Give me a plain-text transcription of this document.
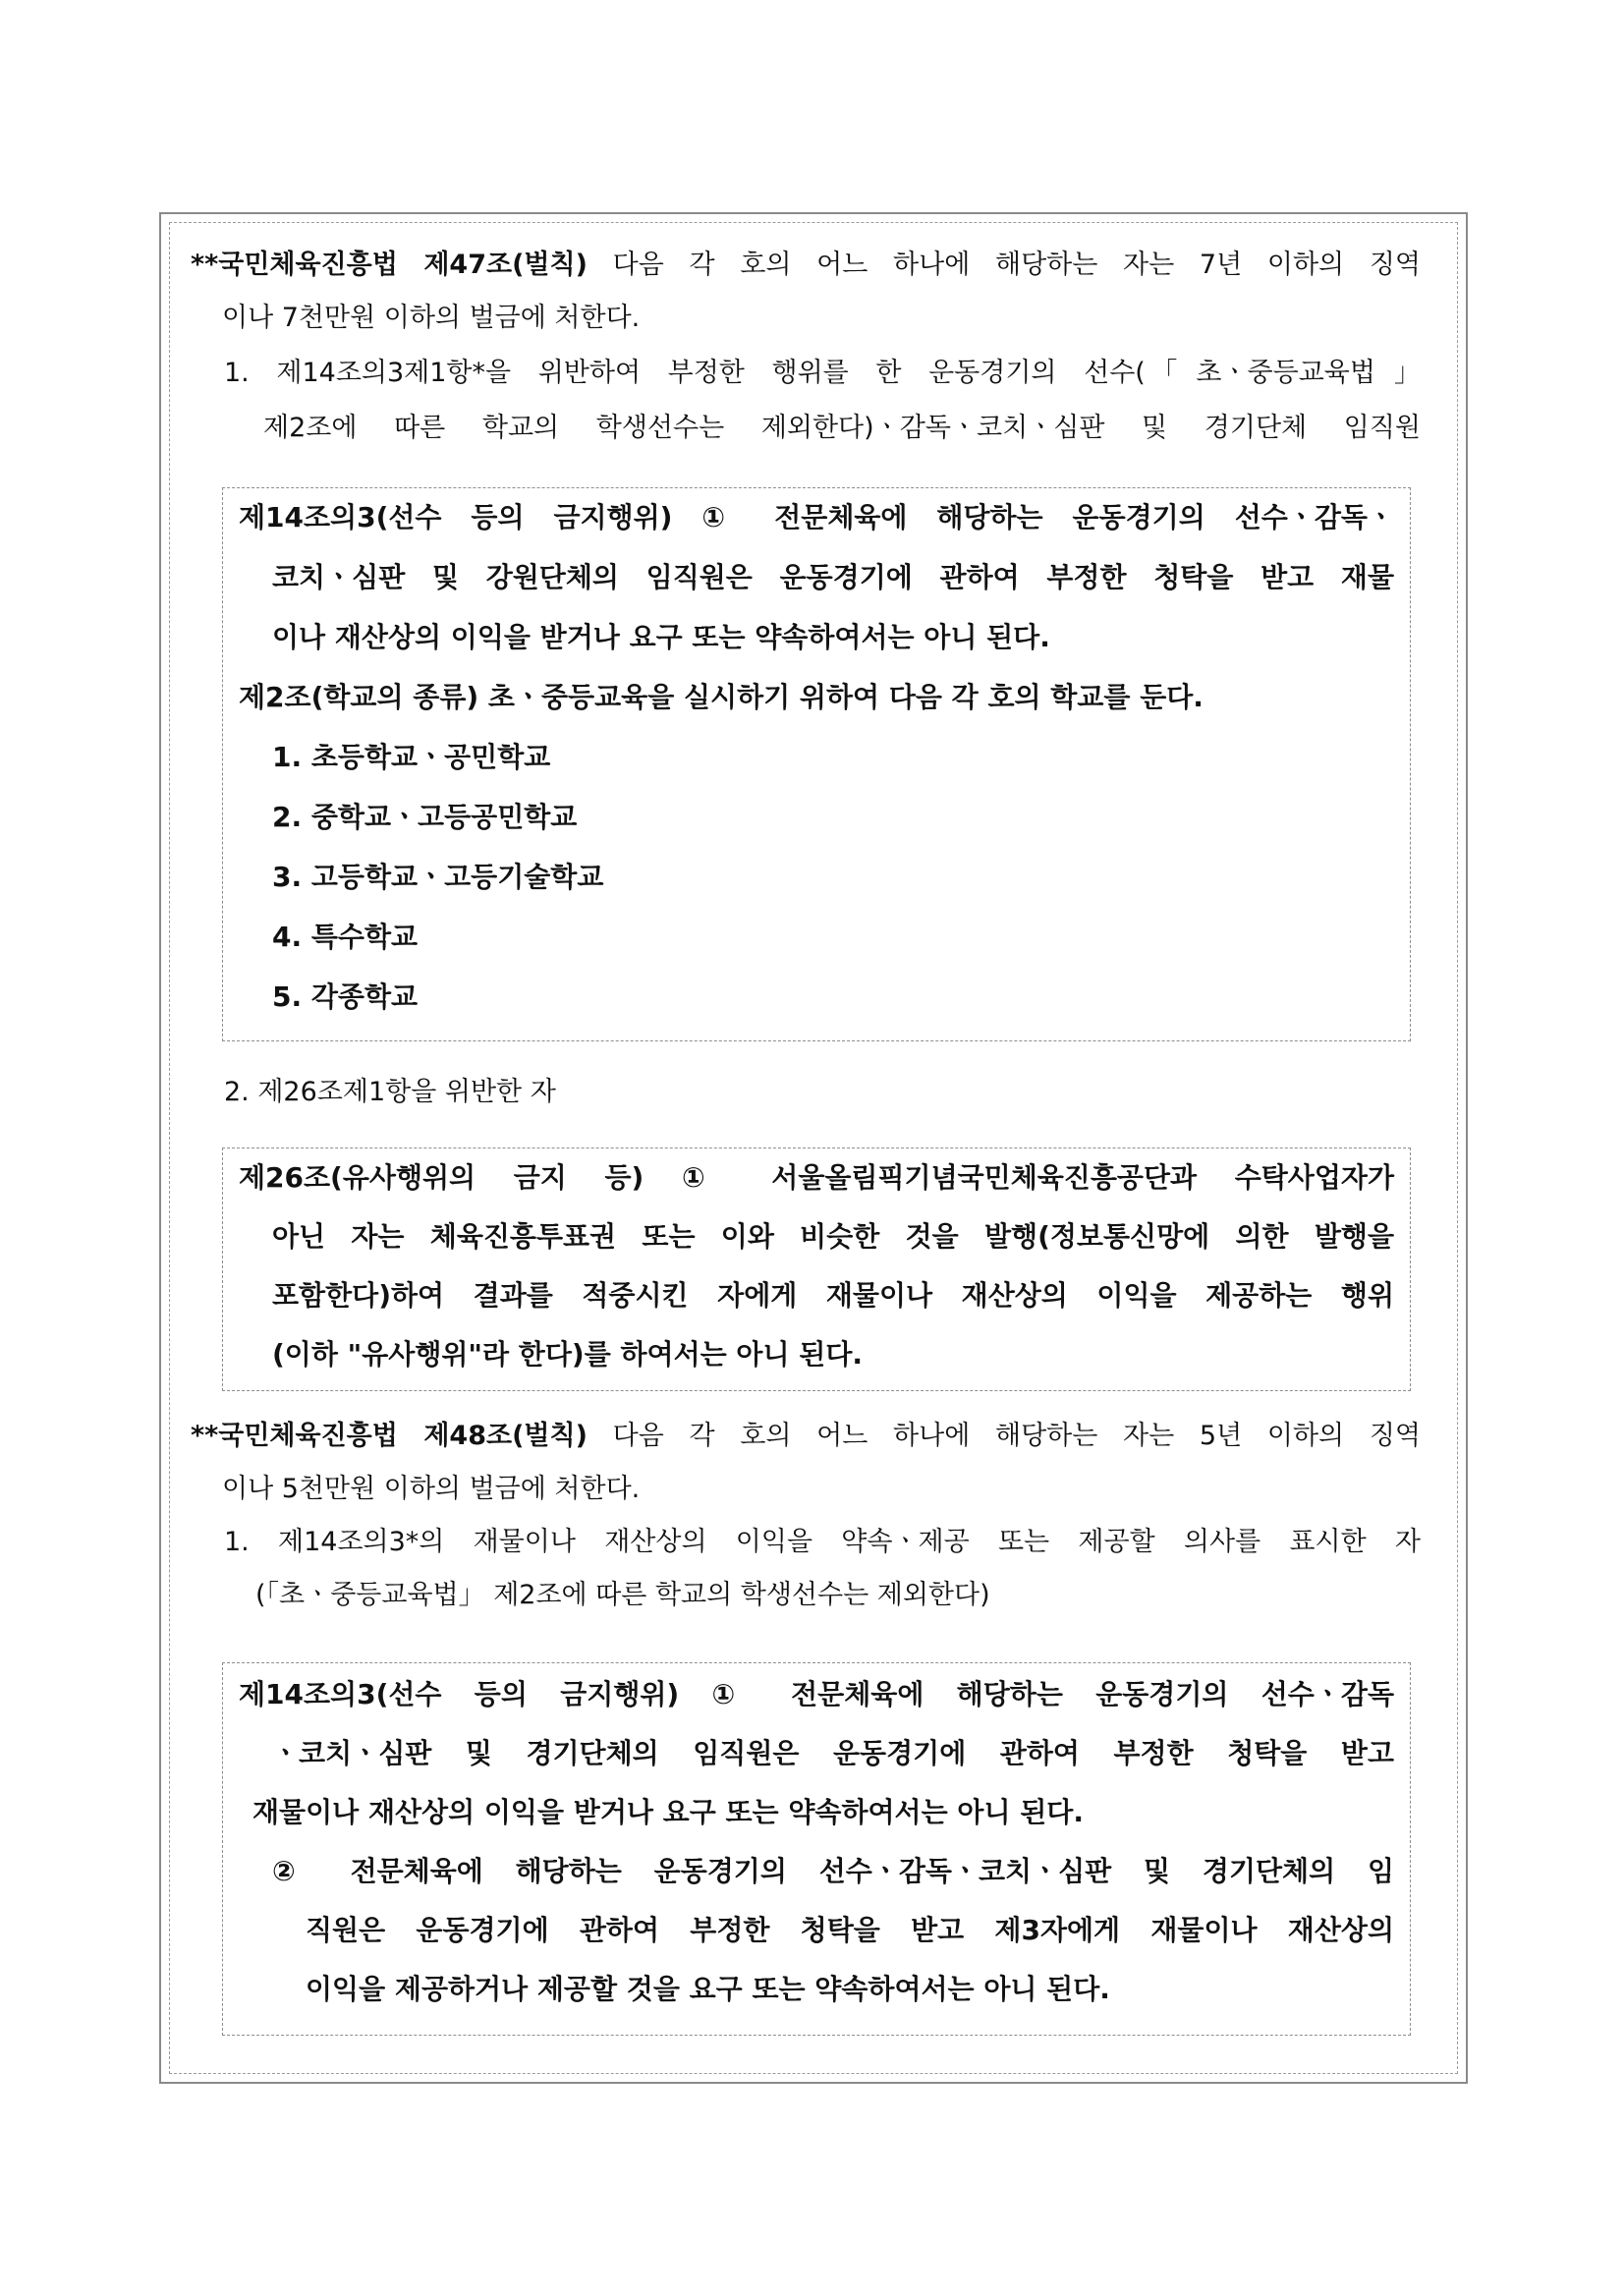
**국민체육진흥법 제47조(벌칙) 다음 각 호의 어느 하나에 해당하는 자는 7년 이하의 징역
이나 7천만원 이하의 벌금에 처한다.
1. 제14조의3제1항*을 위반하여 부정한 행위를 한 운동경기의 선수(「초ㆍ중등교육법」
제2조에 따른 학교의 학생선수는 제외한다)ㆍ감독ㆍ코치ㆍ심판 및 경기단체 임직원
제14조의3(선수 등의 금지행위) ① 전문체육에 해당하는 운동경기의 선수ㆍ감독ㆍ
코치ㆍ심판 및 강원단체의 임직원은 운동경기에 관하여 부정한 청탁을 받고 재물
이나 재산상의 이익을 받거나 요구 또는 약속하여서는 아니 된다.
제2조(학교의 종류) 초ㆍ중등교육을 실시하기 위하여 다음 각 호의 학교를 둔다.
1. 초등학교ㆍ공민학교
2. 중학교ㆍ고등공민학교
3. 고등학교ㆍ고등기술학교
4. 특수학교
5. 각종학교
2. 제26조제1항을 위반한 자
제26조(유사행위의 금지 등) ① 서울올림픽기념국민체육진흥공단과 수탁사업자가
아닌 자는 체육진흥투표권 또는 이와 비슷한 것을 발행(정보통신망에 의한 발행을
포함한다)하여 결과를 적중시킨 자에게 재물이나 재산상의 이익을 제공하는 행위
(이하 "유사행위"라 한다)를 하여서는 아니 된다.
**국민체육진흥법 제48조(벌칙) 다음 각 호의 어느 하나에 해당하는 자는 5년 이하의 징역
이나 5천만원 이하의 벌금에 처한다.
1. 제14조의3*의 재물이나 재산상의 이익을 약속ㆍ제공 또는 제공할 의사를 표시한 자
(「초ㆍ중등교육법」 제2조에 따른 학교의 학생선수는 제외한다)
제14조의3(선수 등의 금지행위) ① 전문체육에 해당하는 운동경기의 선수ㆍ감독
ㆍ코치ㆍ심판 및 경기단체의 임직원은 운동경기에 관하여 부정한 청탁을 받고
재물이나 재산상의 이익을 받거나 요구 또는 약속하여서는 아니 된다.
② 전문체육에 해당하는 운동경기의 선수ㆍ감독ㆍ코치ㆍ심판 및 경기단체의 임
직원은 운동경기에 관하여 부정한 청탁을 받고 제3자에게 재물이나 재산상의
이익을 제공하거나 제공할 것을 요구 또는 약속하여서는 아니 된다.
